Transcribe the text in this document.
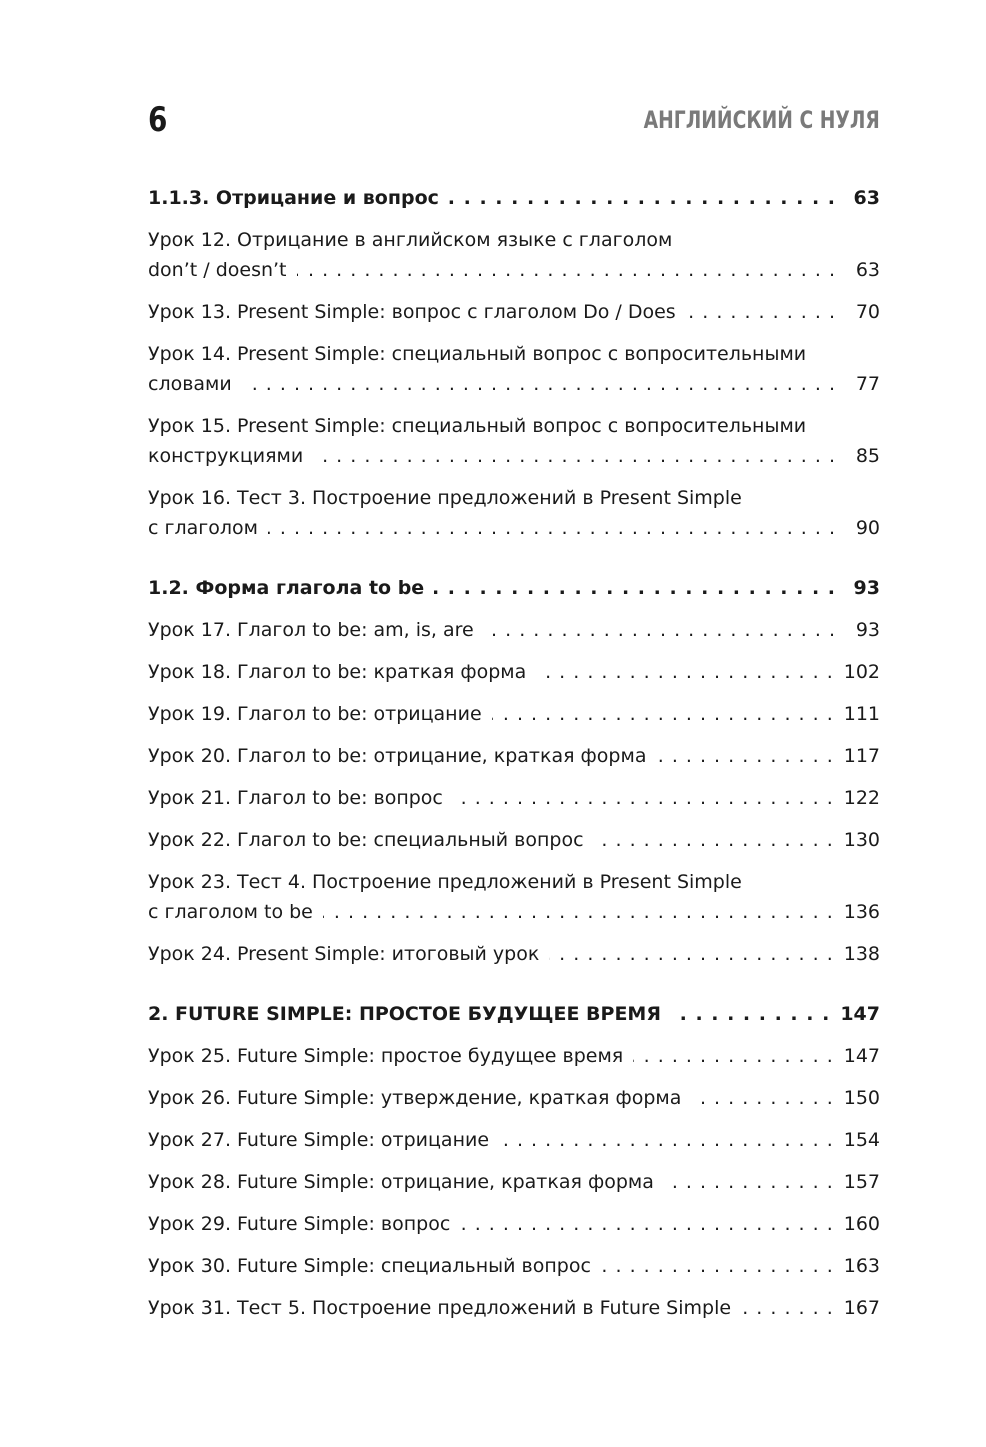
6	АНГЛИЙСКИЙ С НУЛЯ
1.1.3. Отрицание и вопрос . . .	63
Урок 12. Отрицание в английском языке с глаголом
don’t / doesn’t . . .	63
Урок 13. Present Simple: вопрос с глаголом Do / Does . . .	70
Урок 14. Present Simple: специальный вопрос с вопросительными
словами . . .	77
Урок 15. Present Simple: специальный вопрос с вопросительными
конструкциями . . .	85
Урок 16. Тест 3. Построение предложений в Present Simple
с глаголом . . .	90
1.2. Форма глагола to be . . .	93
Урок 17. Глагол to be: am, is, are . . .	93
Урок 18. Глагол to be: краткая форма . . .	102
Урок 19. Глагол to be: отрицание . . .	111
Урок 20. Глагол to be: отрицание, краткая форма . . .	117
Урок 21. Глагол to be: вопрос . . .	122
Урок 22. Глагол to be: специальный вопрос . . .	130
Урок 23. Тест 4. Построение предложений в Present Simple
с глаголом to be . . .	136
Урок 24. Present Simple: итоговый урок . . .	138
2. FUTURE SIMPLE: ПРОСТОЕ БУДУЩЕЕ ВРЕМЯ . . .	147
Урок 25. Future Simple: простое будущее время . . .	147
Урок 26. Future Simple: утверждение, краткая форма . . .	150
Урок 27. Future Simple: отрицание . . .	154
Урок 28. Future Simple: отрицание, краткая форма . . .	157
Урок 29. Future Simple: вопрос . . .	160
Урок 30. Future Simple: специальный вопрос . . .	163
Урок 31. Тест 5. Построение предложений в Future Simple . . .	167
